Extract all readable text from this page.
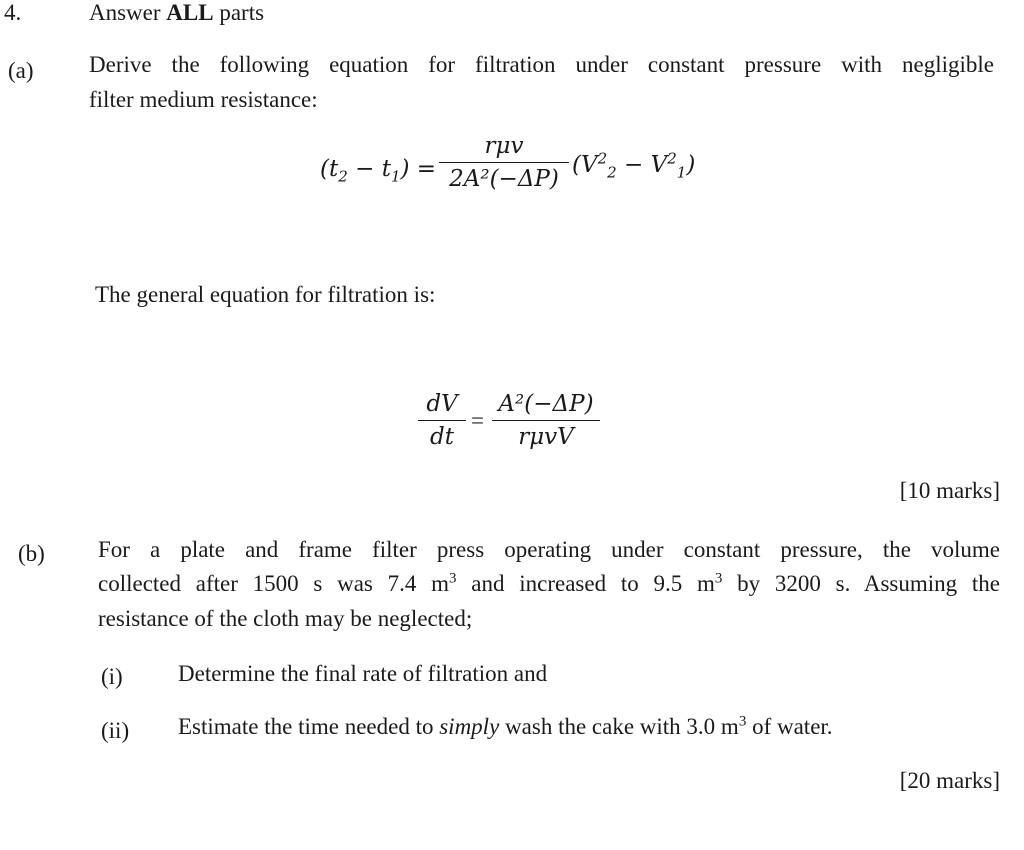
4.	Answer ALL parts
(a) Derive the following equation for filtration under constant pressure with negligible
filter medium resistance:
$(t_2 - t_1)$ =
rμv
2A²(−ΔP)
$(V^2_2 - V^2_1)$
The general equation for filtration is:
dV
dt
=
A²(−ΔP)
rμvV
[10 marks]
(b) For a plate and frame filter press operating under constant pressure, the volume
collected after 1500 s was 7.4 $m^3$ and increased to 9.5 $m^3$ by 3200 s. Assuming the
resistance of the cloth may be neglected;
(i) Determine the final rate of filtration and
(ii) Estimate the time needed to simply wash the cake with 3.0 $m^3$ of water.
[20 marks]
